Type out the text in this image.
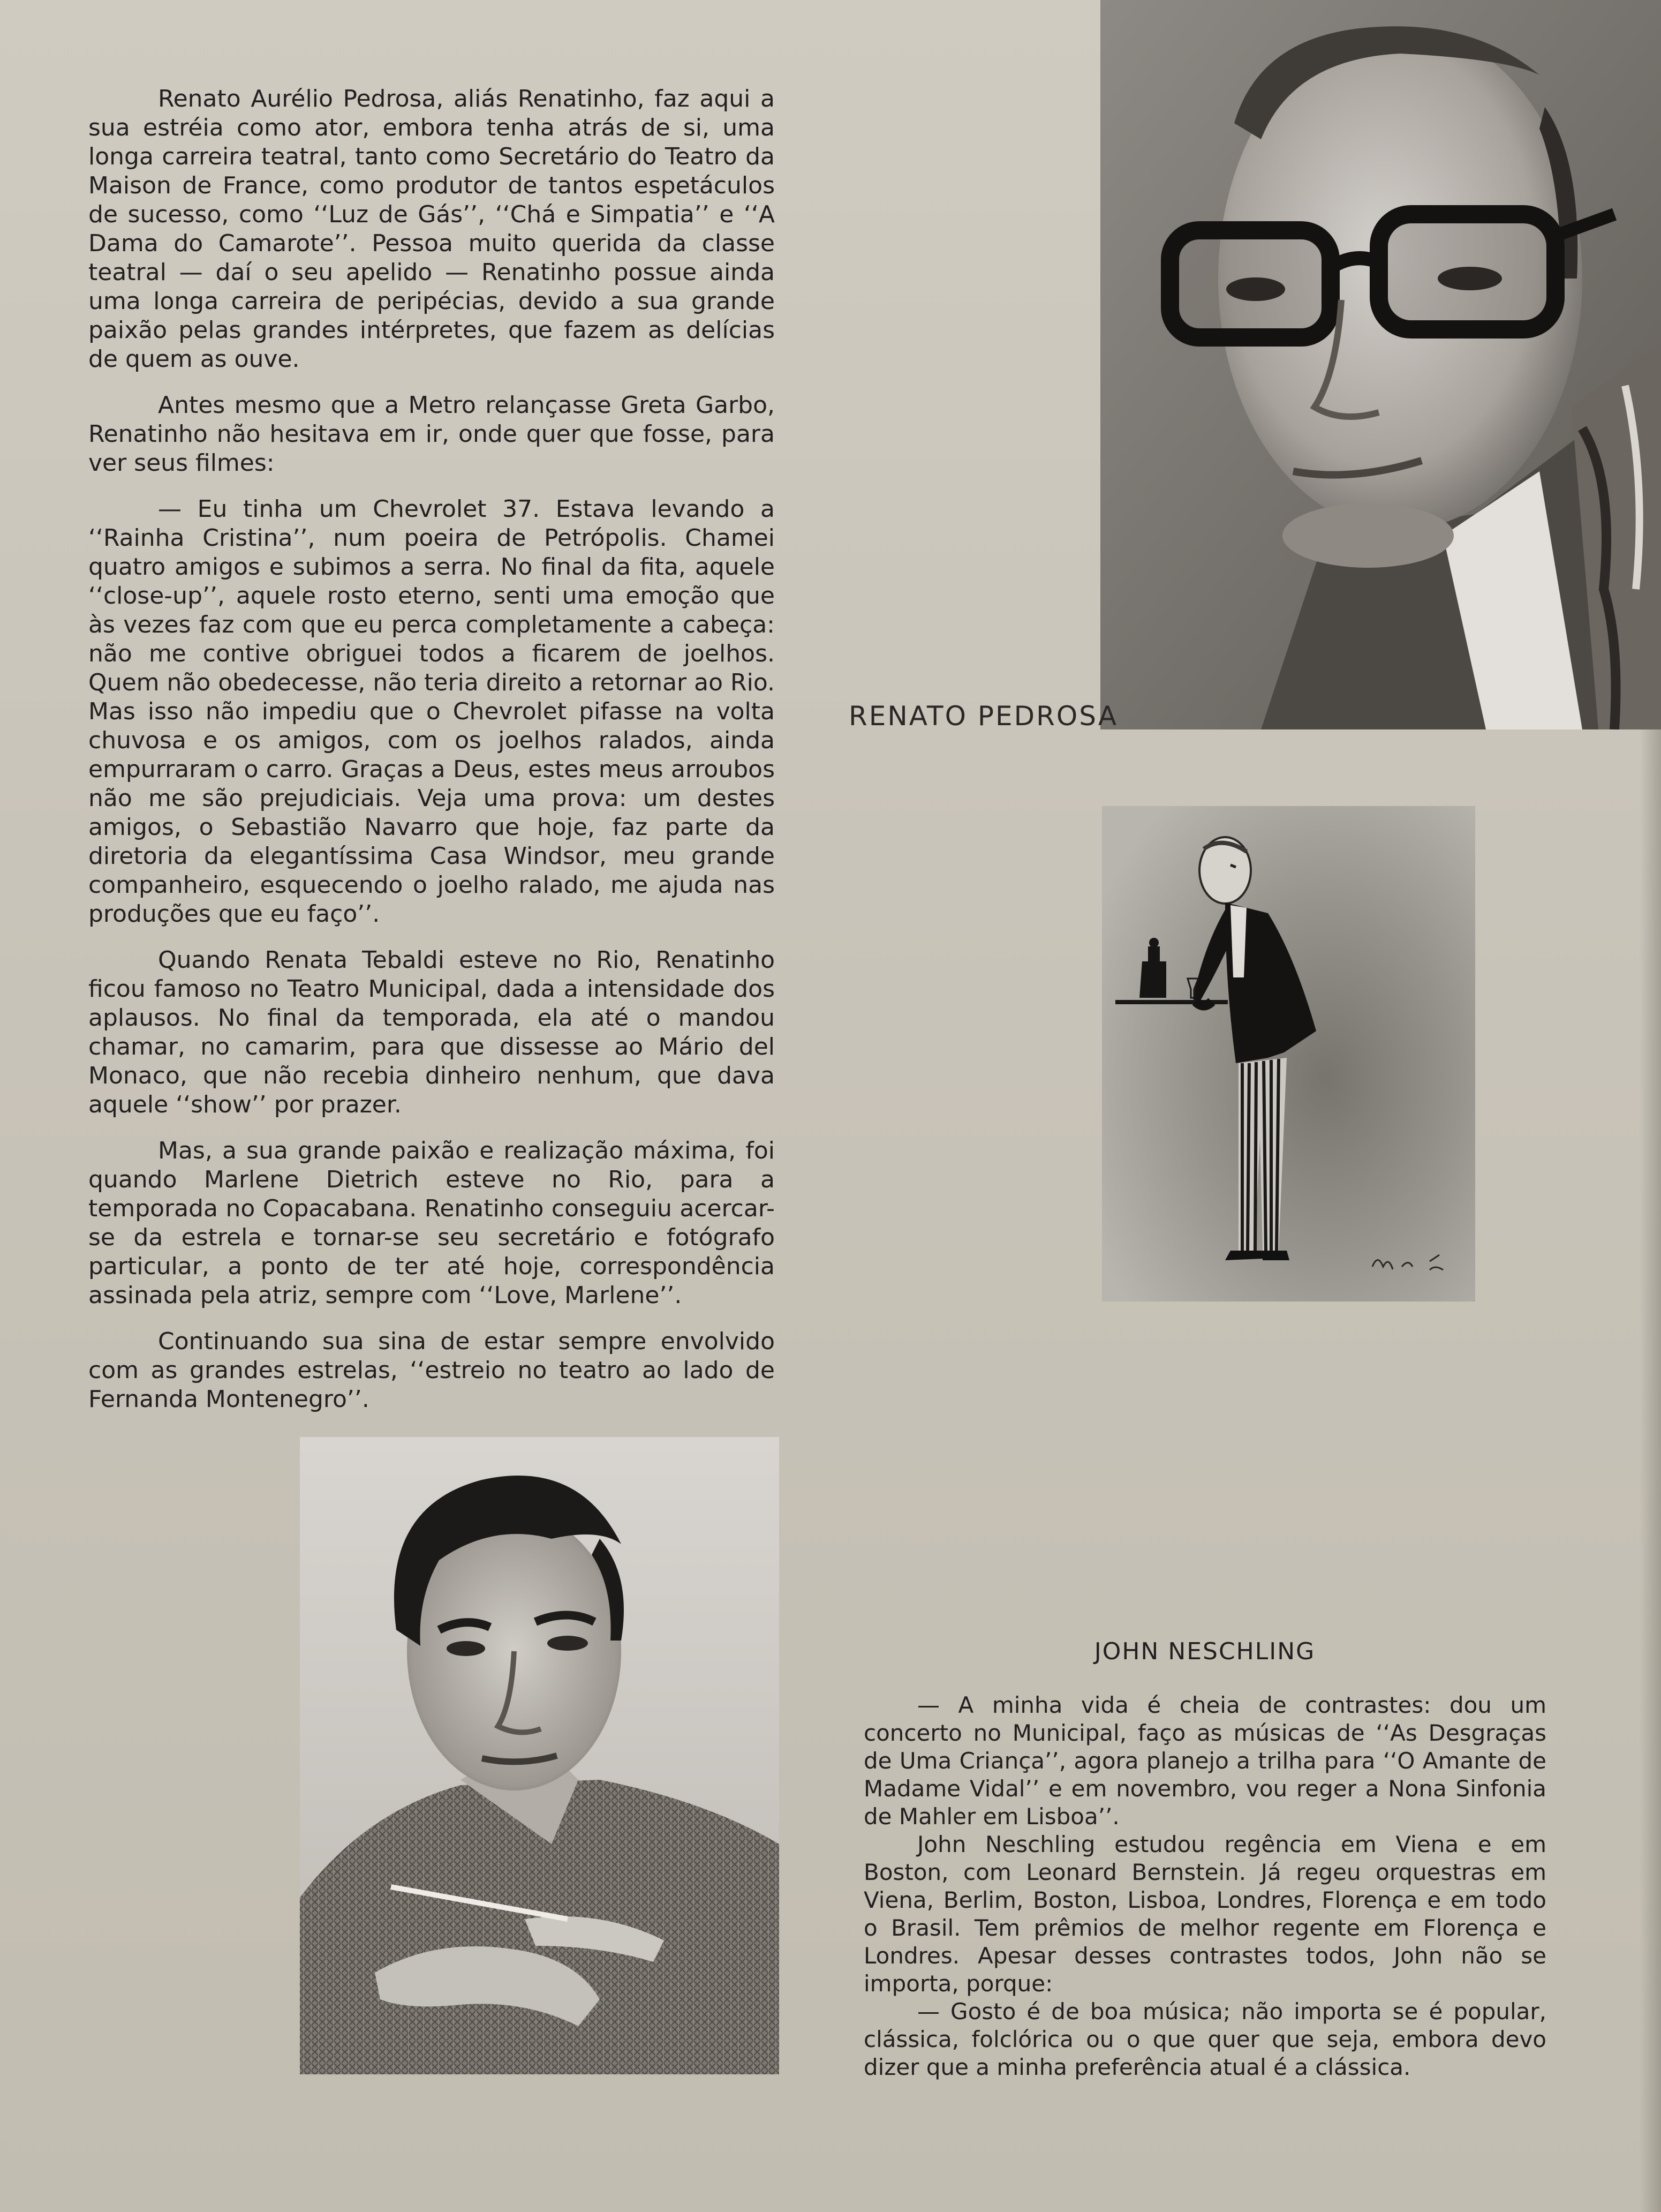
Renato Aurélio Pedrosa, aliás Renatinho, faz aqui a sua estréia como ator, embora tenha atrás de si, uma longa carreira teatral, tanto como Secretário do Teatro da Maison de France, como produtor de tantos espetáculos de sucesso, como ‘‘Luz de Gás’’, ‘‘Chá e Simpatia’’ e ‘‘A Dama do Camarote’’. Pessoa muito querida da classe teatral — daí o seu apelido — Renatinho possue ainda uma longa carreira de peripécias, devido a sua grande paixão pelas grandes intérpretes, que fazem as delícias de quem as ouve.

Antes mesmo que a Metro relançasse Greta Garbo, Renatinho não hesitava em ir, onde quer que fosse, para ver seus filmes:

— Eu tinha um Chevrolet 37. Estava levando a ‘‘Rainha Cristina’’, num poeira de Petrópolis. Chamei quatro amigos e subimos a serra. No final da fita, aquele ‘‘close-up’’, aquele rosto eterno, senti uma emoção que às vezes faz com que eu perca completamente a cabeça: não me contive obriguei todos a ficarem de joelhos. Quem não obedecesse, não teria direito a retornar ao Rio. Mas isso não impediu que o Chevrolet pifasse na volta chuvosa e os amigos, com os joelhos ralados, ainda empurraram o carro. Graças a Deus, estes meus arroubos não me são prejudiciais. Veja uma prova: um destes amigos, o Sebastião Navarro que hoje, faz parte da diretoria da elegantíssima Casa Windsor, meu grande companheiro, esquecendo o joelho ralado, me ajuda nas produções que eu faço’’.

Quando Renata Tebaldi esteve no Rio, Renatinho ficou famoso no Teatro Municipal, dada a intensidade dos aplausos. No final da temporada, ela até o mandou chamar, no camarim, para que dissesse ao Mário del Monaco, que não recebia dinheiro nenhum, que dava aquele ‘‘show’’ por prazer.

Mas, a sua grande paixão e realização máxima, foi quando Marlene Dietrich esteve no Rio, para a temporada no Copacabana. Renatinho conseguiu acercar-se da estrela e tornar-se seu secretário e fotógrafo particular, a ponto de ter até hoje, correspondência assinada pela atriz, sempre com ‘‘Love, Marlene’’.

Continuando sua sina de estar sempre envolvido com as grandes estrelas, ‘‘estreio no teatro ao lado de Fernanda Montenegro’’.

RENATO PEDROSA
JOHN NESCHLING

— A minha vida é cheia de contrastes: dou um concerto no Municipal, faço as músicas de ‘‘As Desgraças de Uma Criança’’, agora planejo a trilha para ‘‘O Amante de Madame Vidal’’ e em novembro, vou reger a Nona Sinfonia de Mahler em Lisboa’’.

John Neschling estudou regência em Viena e em Boston, com Leonard Bernstein. Já regeu orquestras em Viena, Berlim, Boston, Lisboa, Londres, Florença e em todo o Brasil. Tem prêmios de melhor regente em Florença e Londres. Apesar desses contrastes todos, John não se importa, porque:

— Gosto é de boa música; não importa se é popular, clássica, folclórica ou o que quer que seja, embora devo dizer que a minha preferência atual é a clássica.
